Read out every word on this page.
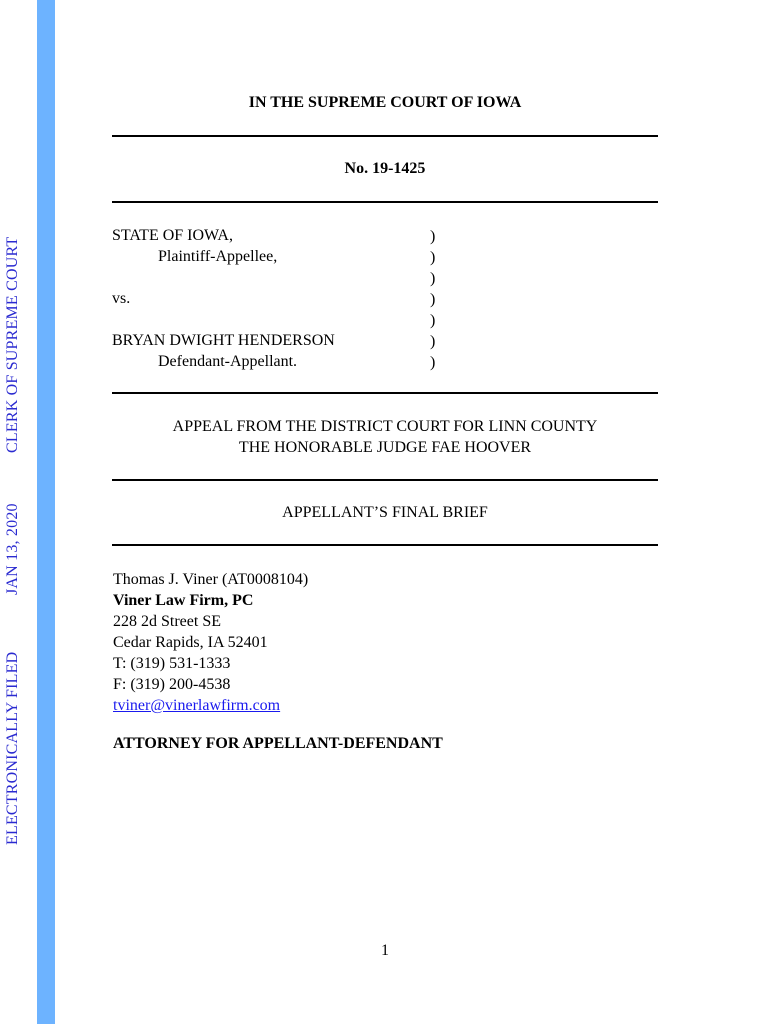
ELECTRONICALLY FILED
JAN 13, 2020
CLERK OF SUPREME COURT
IN THE SUPREME COURT OF IOWA
No. 19-1425
STATE OF IOWA,
Plaintiff-Appellee,
vs.
BRYAN DWIGHT HENDERSON
Defendant-Appellant.
)
)
)
)
)
)
)
APPEAL FROM THE DISTRICT COURT FOR LINN COUNTY
THE HONORABLE JUDGE FAE HOOVER
APPELLANT’S FINAL BRIEF
Thomas J. Viner (AT0008104)
Viner Law Firm, PC
228 2d Street SE
Cedar Rapids, IA 52401
T: (319) 531-1333
F: (319) 200-4538
tviner@vinerlawfirm.com
ATTORNEY FOR APPELLANT-DEFENDANT
1
